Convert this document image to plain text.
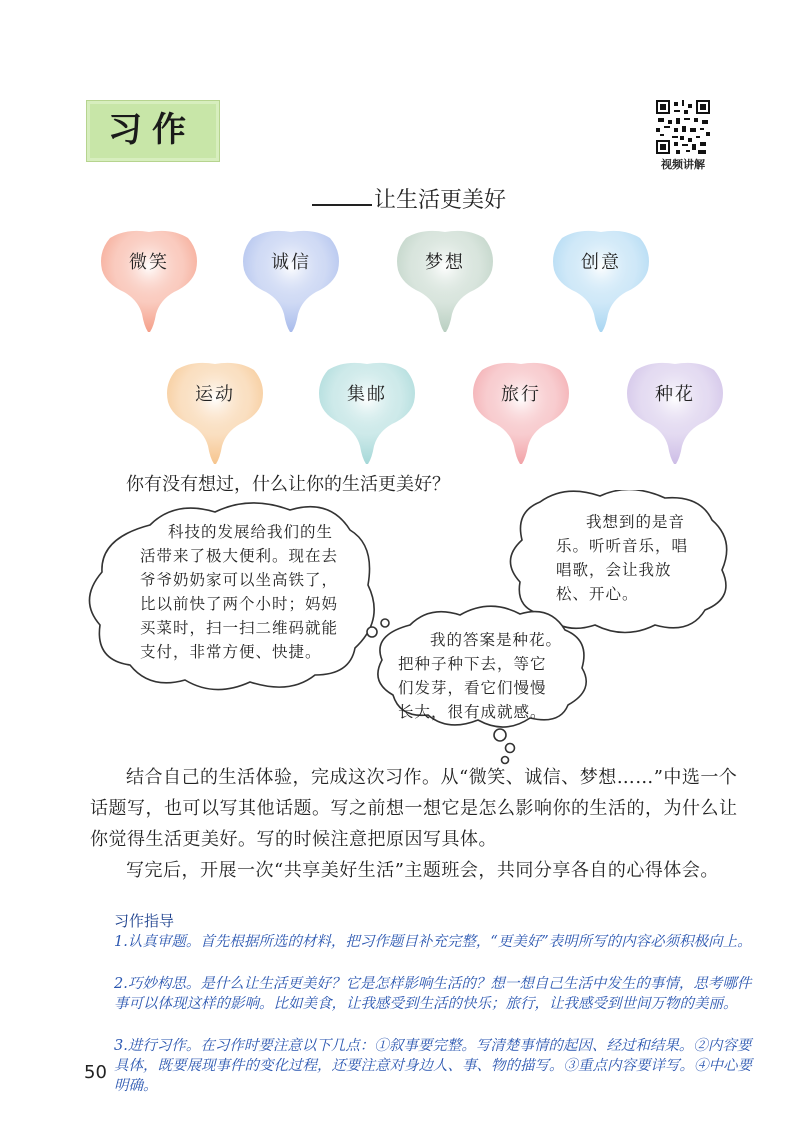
习作
视频讲解
让生活更美好
微笑	诚信	梦想	创意
运动	集邮	旅行	种花
你有没有想过，什么让你的生活更美好？
科技的发展给我们的生
活带来了极大便利。现在去
爷爷奶奶家可以坐高铁了，
比以前快了两个小时；妈妈
买菜时，扫一扫二维码就能
支付，非常方便、快捷。
我想到的是音
乐。听听音乐，唱
唱歌，会让我放
松、开心。
我的答案是种花。
把种子种下去，等它
们发芽，看它们慢慢
长大，很有成就感。
结合自己的生活体验，完成这次习作。从“微笑、诚信、梦想……”中选一个话题写，也可以写其他话题。写之前想一想它是怎么影响你的生活的，为什么让你觉得生活更美好。写的时候注意把原因写具体。
写完后，开展一次“共享美好生活”主题班会，共同分享各自的心得体会。
习作指导
1.认真审题。首先根据所选的材料，把习作题目补充完整，“更美好”表明所写的内容必须积极向上。
2.巧妙构思。是什么让生活更美好？它是怎样影响生活的？想一想自己生活中发生的事情，思考哪件事可以体现这样的影响。比如美食，让我感受到生活的快乐；旅行，让我感受到世间万物的美丽。
3.进行习作。在习作时要注意以下几点：①叙事要完整。写清楚事情的起因、经过和结果。②内容要具体，既要展现事件的变化过程，还要注意对身边人、事、物的描写。③重点内容要详写。④中心要明确。
50
